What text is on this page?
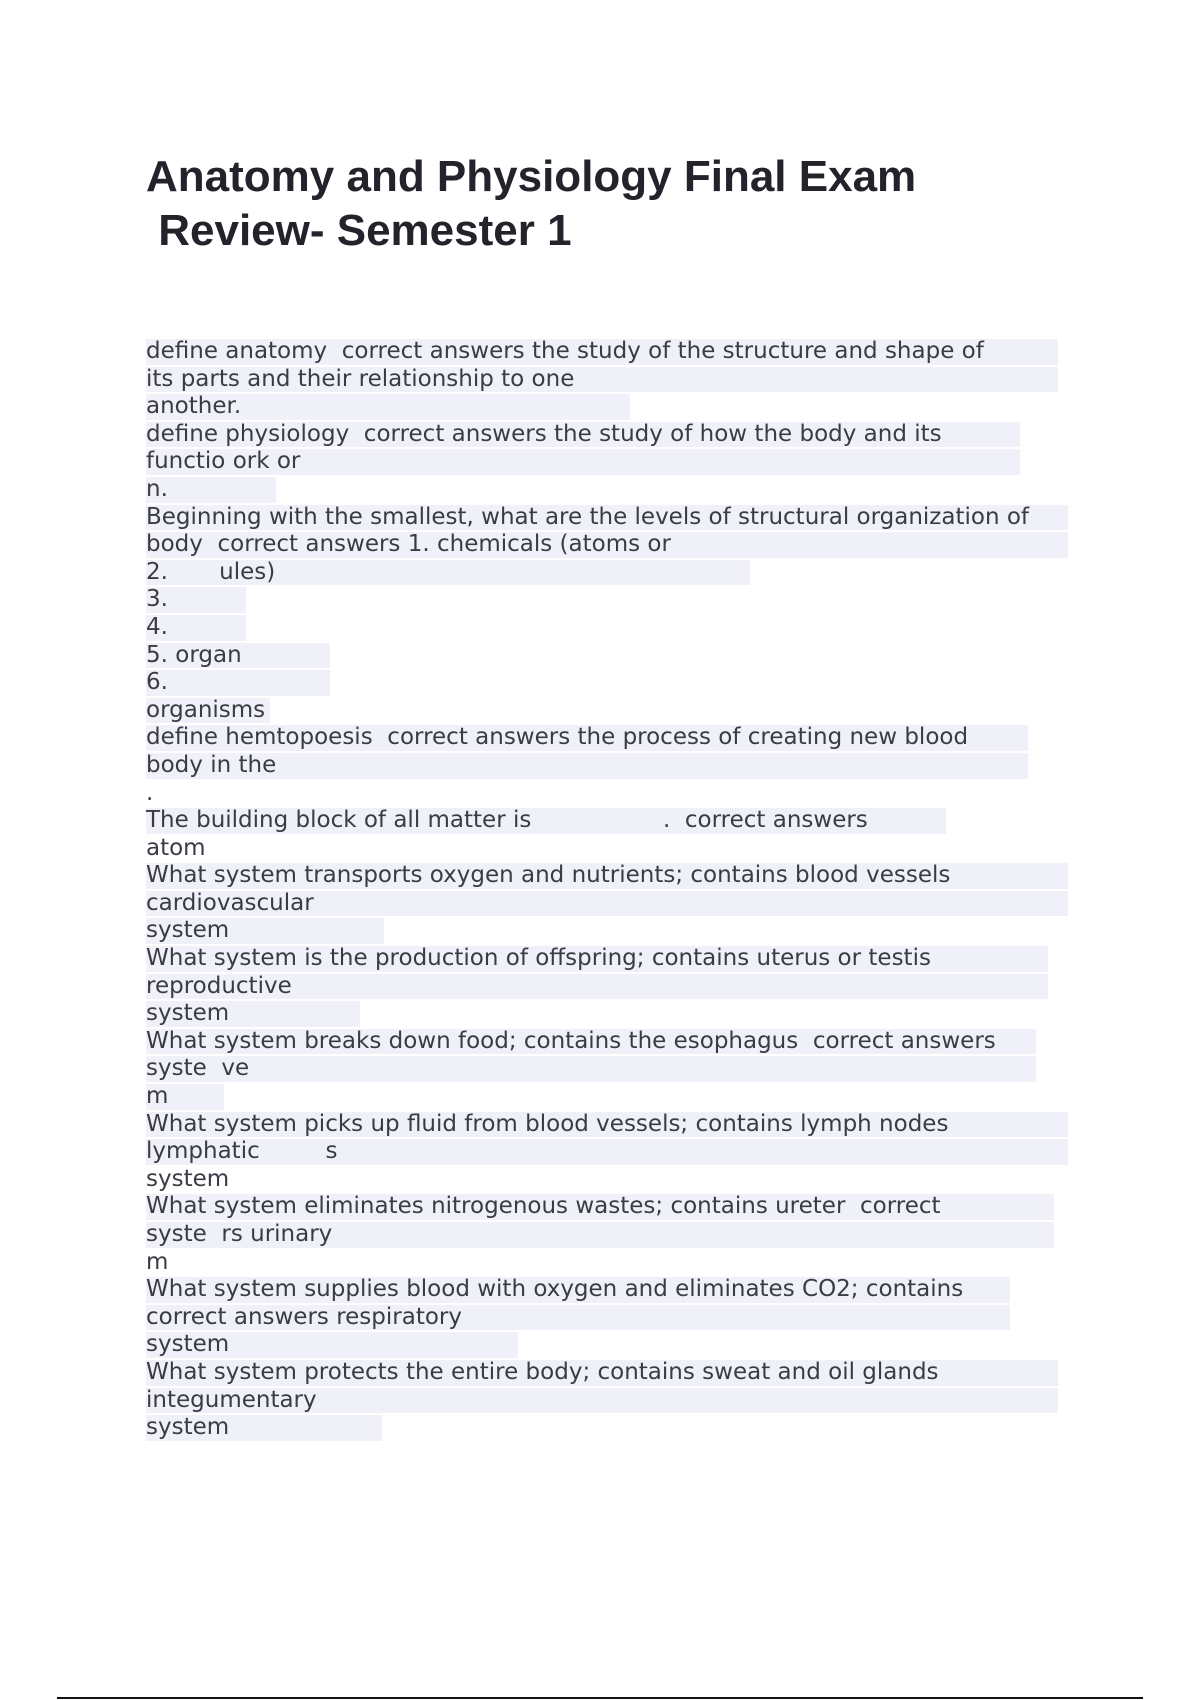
Anatomy and Physiology Final Exam
Review- Semester 1
define anatomy  correct answers the study of the structure and shape of
its parts and their relationship to one
another.
define physiology  correct answers the study of how the body and its
functio ork or
n.
Beginning with the smallest, what are the levels of structural organization of
body  correct answers 1. chemicals (atoms or
2.       ules)
3.
4.
5. organ
6.
organisms
define hemtopoesis  correct answers the process of creating new blood
body in the
.
The building block of all matter is                  .  correct answers
atom
What system transports oxygen and nutrients; contains blood vessels
cardiovascular
system
What system is the production of offspring; contains uterus or testis
reproductive
system
What system breaks down food; contains the esophagus  correct answers
syste  ve
m
What system picks up fluid from blood vessels; contains lymph nodes
lymphatic         s
system
What system eliminates nitrogenous wastes; contains ureter  correct
syste  rs urinary
m
What system supplies blood with oxygen and eliminates CO2; contains
correct answers respiratory
system
What system protects the entire body; contains sweat and oil glands
integumentary
system
